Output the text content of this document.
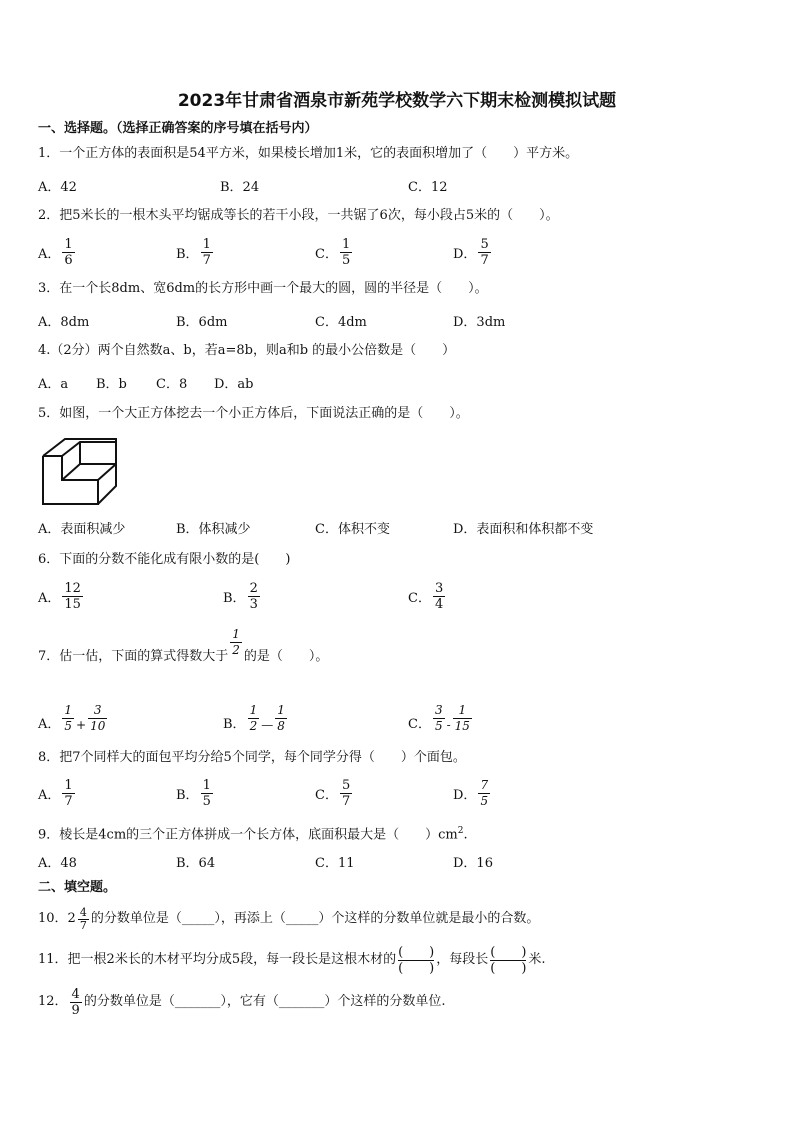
2023年甘肃省酒泉市新苑学校数学六下期末检测模拟试题
一、选择题。（选择正确答案的序号填在括号内）
1．一个正方体的表面积是54平方米，如果棱长增加1米，它的表面积增加了（　　）平方米。
A．42	B．24	C．12
2．把5米长的一根木头平均锯成等长的若干小段，一共锯了6次，每小段占5米的（　　）。
A． $\frac{1}{6}$	B． $\frac{1}{7}$	C． $\frac{1}{5}$	D． $\frac{5}{7}$
3．在一个长8dm、宽6dm的长方形中画一个最大的圆，圆的半径是（　　）。
A．8dm	B．6dm	C．4dm	D．3dm
4.（2分）两个自然数a、b，若a=8b，则a和b 的最小公倍数是（　　）
A．a B．b C．8 D．ab
5．如图，一个大正方体挖去一个小正方体后，下面说法正确的是（　　）。
A．表面积减少	B．体积减少	C．体积不变	D．表面积和体积都不变
6．下面的分数不能化成有限小数的是(　　)
A． $\frac{12}{15}$	B． $\frac{2}{3}$	C． $\frac{3}{4}$
7．估一估，下面的算式得数大于 $\frac{1}{2}$ 的是（　　）。
A． $\frac{1}{5} + \frac{3}{10}$	B． $\frac{1}{2}$ — $\frac{1}{8}$	C． $\frac{3}{5} - \frac{1}{15}$
8．把7个同样大的面包平均分给5个同学，每个同学分得（　　）个面包。
A． $\frac{1}{7}$	B． $\frac{1}{5}$	C． $\frac{5}{7}$	D． $\frac{7}{5}$
9．棱长是4cm的三个正方体拼成一个长方体，底面积最大是（　　）$cm^2$.
A．48	B．64	C．11	D．16
二、填空题。
10． $2 \frac{4}{7}$ 的分数单位是（_____），再添上（_____）个这样的分数单位就是最小的合数。
11．把一根2米长的木材平均分成5段，每一段长是这根木材的 (　　)
(　　)
，每段长 (　　)
(　　)
米.
12． $\frac{4}{9}$ 的分数单位是（_______），它有（_______）个这样的分数单位.
